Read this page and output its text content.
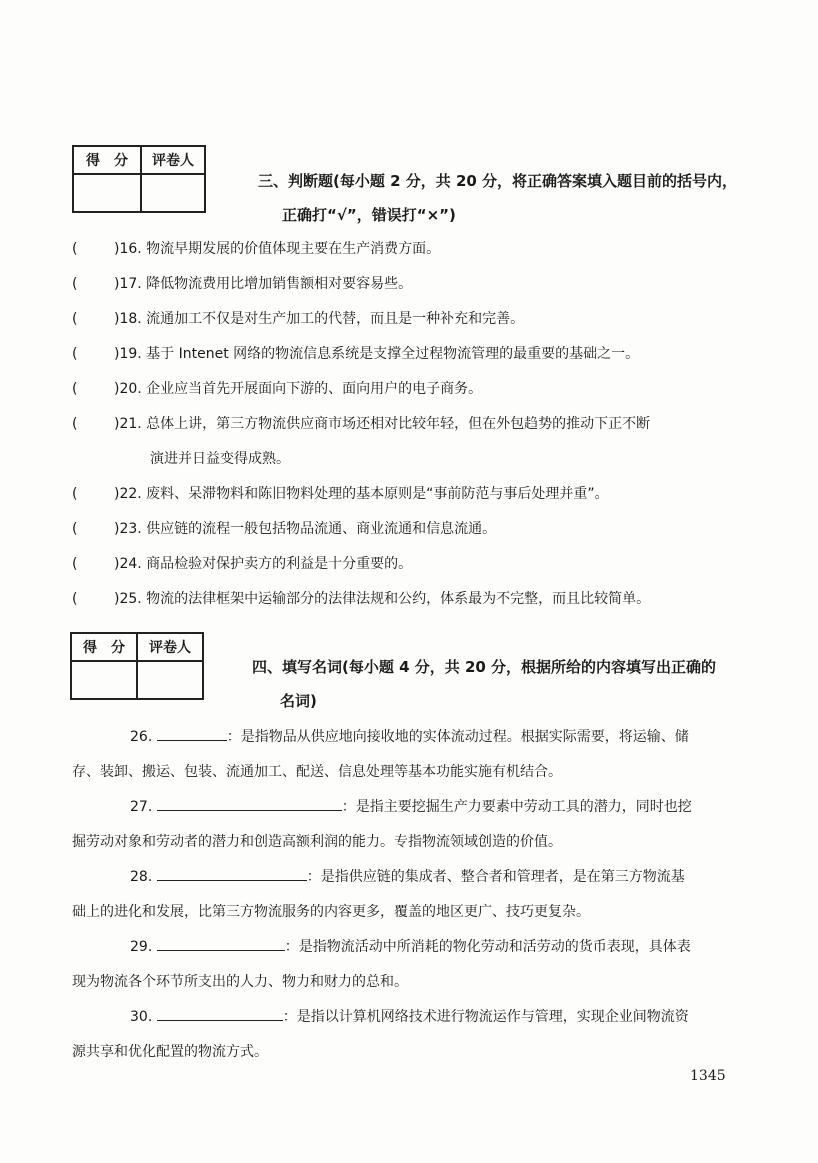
得　分	评卷人

三、判断题(每小题 2 分，共 20 分，将正确答案填入题目前的括号内，
正确打“√”，错误打“×”)
(	)16. 物流早期发展的价值体现主要在生产消费方面。
(	)17. 降低物流费用比增加销售额相对要容易些。
(	)18. 流通加工不仅是对生产加工的代替，而且是一种补充和完善。
(	)19. 基于 Intenet 网络的物流信息系统是支撑全过程物流管理的最重要的基础之一。
(	)20. 企业应当首先开展面向下游的、面向用户的电子商务。
(	)21. 总体上讲，第三方物流供应商市场还相对比较年轻，但在外包趋势的推动下正不断
演进并日益变得成熟。
(	)22. 废料、呆滞物料和陈旧物料处理的基本原则是“事前防范与事后处理并重”。
(	)23. 供应链的流程一般包括物品流通、商业流通和信息流通。
(	)24. 商品检验对保护卖方的利益是十分重要的。
(	)25. 物流的法律框架中运输部分的法律法规和公约，体系最为不完整，而且比较简单。
得　分	评卷人

四、填写名词(每小题 4 分，共 20 分，根据所给的内容填写出正确的
名词)
26.	：是指物品从供应地向接收地的实体流动过程。根据实际需要，将运输、储
存、装卸、搬运、包装、流通加工、配送、信息处理等基本功能实施有机结合。
27.	：是指主要挖掘生产力要素中劳动工具的潜力，同时也挖
掘劳动对象和劳动者的潜力和创造高额利润的能力。专指物流领域创造的价值。
28.	：是指供应链的集成者、整合者和管理者，是在第三方物流基
础上的进化和发展，比第三方物流服务的内容更多，覆盖的地区更广、技巧更复杂。
29.	：是指物流活动中所消耗的物化劳动和活劳动的货币表现，具体表
现为物流各个环节所支出的人力、物力和财力的总和。
30.	：是指以计算机网络技术进行物流运作与管理，实现企业间物流资
源共享和优化配置的物流方式。
1345
